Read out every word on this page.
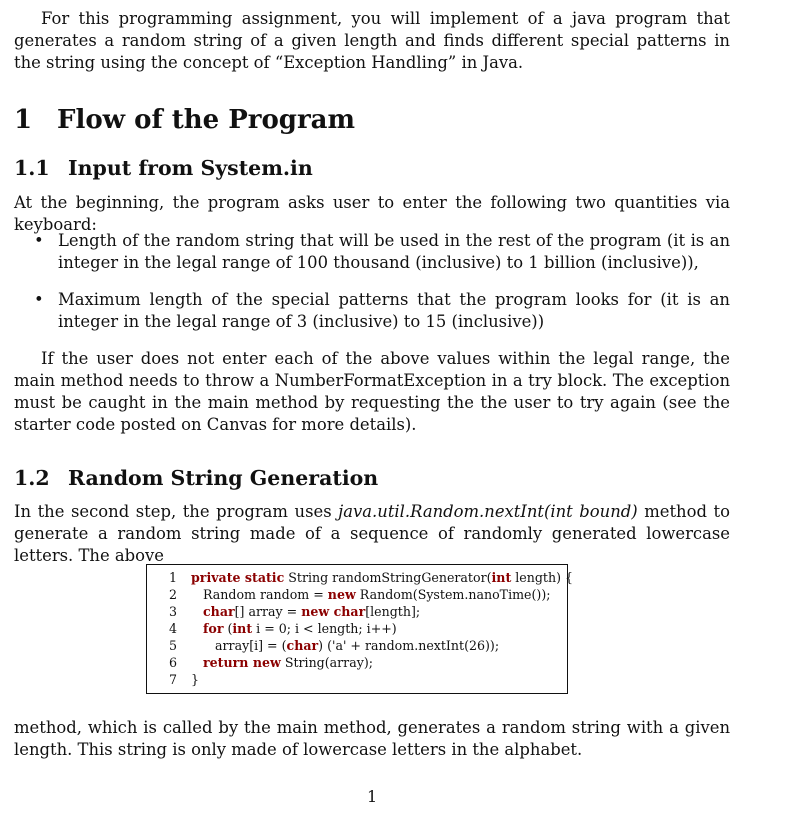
For this programming assignment, you will implement of a java program that generates a random string of a given length and finds different special patterns in the string using the concept of “Exception Handling” in Java.

1 Flow of the Program
1.1 Input from System.in

At the beginning, the program asks user to enter the following two quantities via keyboard:

• Length of the random string that will be used in the rest of the program (it is an integer in the legal range of 100 thousand (inclusive) to 1 billion (inclusive)),
• Maximum length of the special patterns that the program looks for (it is an integer in the legal range of 3 (inclusive) to 15 (inclusive))

If the user does not enter each of the above values within the legal range, the main method needs to throw a NumberFormatException in a try block. The exception must be caught in the main method by requesting the the user to try again (see the starter code posted on Canvas for more details).

1.2 Random String Generation

In the second step, the program uses java.util.Random.nextInt(int bound) method to generate a random string made of a sequence of randomly generated lowercase letters. The above

method, which is called by the main method, generates a random string with a given length. This string is only made of lowercase letters in the alphabet.

1 private static String randomStringGenerator(int length) {
2 Random random = new Random(System.nanoTime());
3	char[] array = new char[length];
4	for (int i = 0; i < length; i++)
5 array[i] = (char) ('a' + random.nextInt(26));
6	return new String(array);
7 }
1
